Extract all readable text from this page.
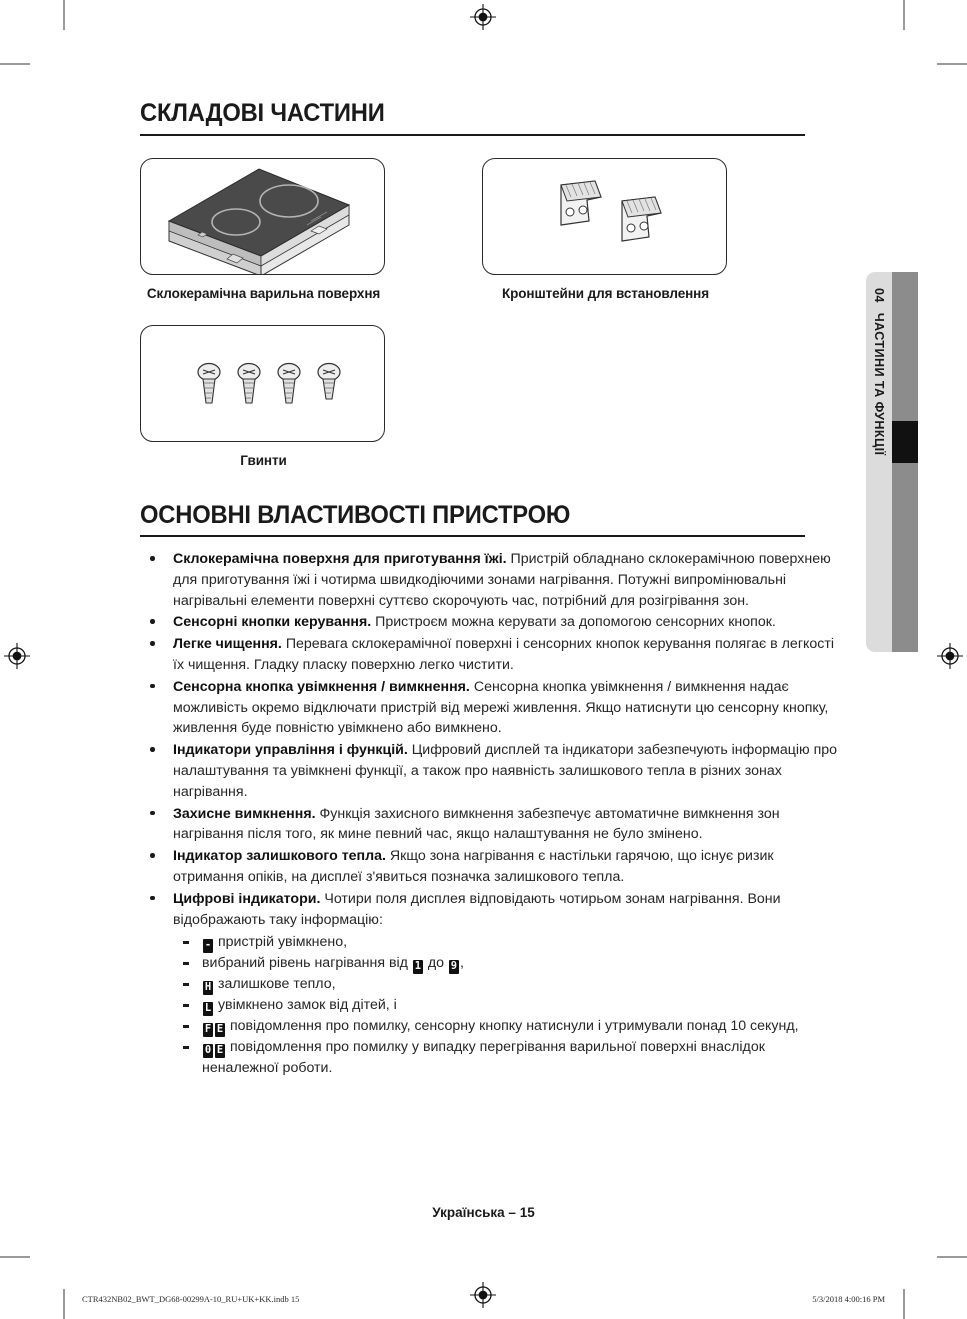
04
ЧАСТИНИ ТА ФУНКЦІЇ
СКЛАДОВІ ЧАСТИНИ
Склокерамічна варильна поверхня	Кронштейни для встановлення
Гвинти
ОСНОВНІ ВЛАСТИВОСТІ ПРИСТРОЮ
Склокерамічна поверхня для приготування їжі. Пристрій обладнано склокерамічною поверхнею для приготування їжі і чотирма швидкодіючими зонами нагрівання. Потужні випромінювальні нагрівальні елементи поверхні суттєво скорочують час, потрібний для розігрівання зон.
Сенсорні кнопки керування. Пристроєм можна керувати за допомогою сенсорних кнопок.
Легке чищення. Перевага склокерамічної поверхні і сенсорних кнопок керування полягає в легкості їх чищення. Гладку пласку поверхню легко чистити.
Сенсорна кнопка увімкнення / вимкнення. Сенсорна кнопка увімкнення / вимкнення надає можливість окремо відключати пристрій від мережі живлення. Якщо натиснути цю сенсорну кнопку, живлення буде повністю увімкнено або вимкнено.
Індикатори управління і функцій. Цифровий дисплей та індикатори забезпечують інформацію про налаштування та увімкнені функції, а також про наявність залишкового тепла в різних зонах нагрівання.
Захисне вимкнення. Функція захисного вимкнення забезпечує автоматичне вимкнення зон нагрівання після того, як мине певний час, якщо налаштування не було змінено.
Індикатор залишкового тепла. Якщо зона нагрівання є настільки гарячою, що існує ризик отримання опіків, на дисплеї з'явиться позначка залишкового тепла.
Цифрові індикатори. Чотири поля дисплея відповідають чотирьом зонам нагрівання. Вони відображають таку інформацію:
- пристрій увімкнено,
вибраний рівень нагрівання від 1 до 9 ,
H залишкове тепло,
L увімкнено замок від дітей, і
F E повідомлення про помилку, сенсорну кнопку натиснули і утримували понад 10 секунд,
0 E повідомлення про помилку у випадку перегрівання варильної поверхні внаслідок неналежної роботи.
Українська – 15
CTR432NB02_BWT_DG68-00299A-10_RU+UK+KK.indb 15	5/3/2018 4:00:16 PM
